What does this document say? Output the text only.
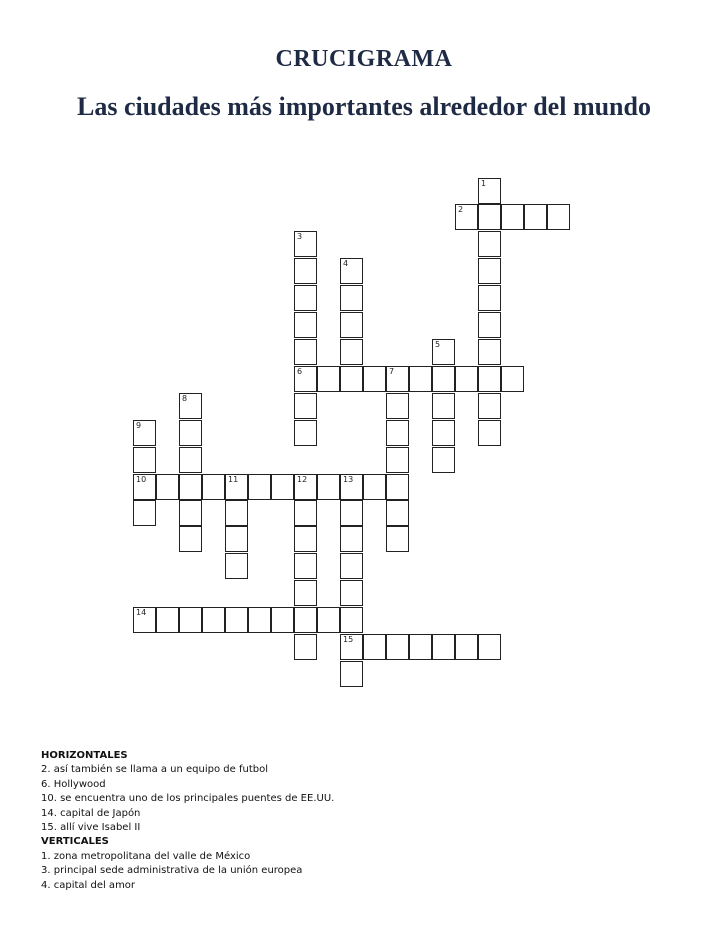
CRUCIGRAMA
Las ciudades más importantes alrededor del mundo
1
2
3
6
4
5
7
8
9
10	11	12	13
15
14
HORIZONTALES
2. así también se llama a un equipo de futbol
6. Hollywood
10. se encuentra uno de los principales puentes de EE.UU.
14. capital de Japón
15. allí vive Isabel II
VERTICALES
1. zona metropolitana del valle de México
3. principal sede administrativa de la unión europea
4. capital del amor
